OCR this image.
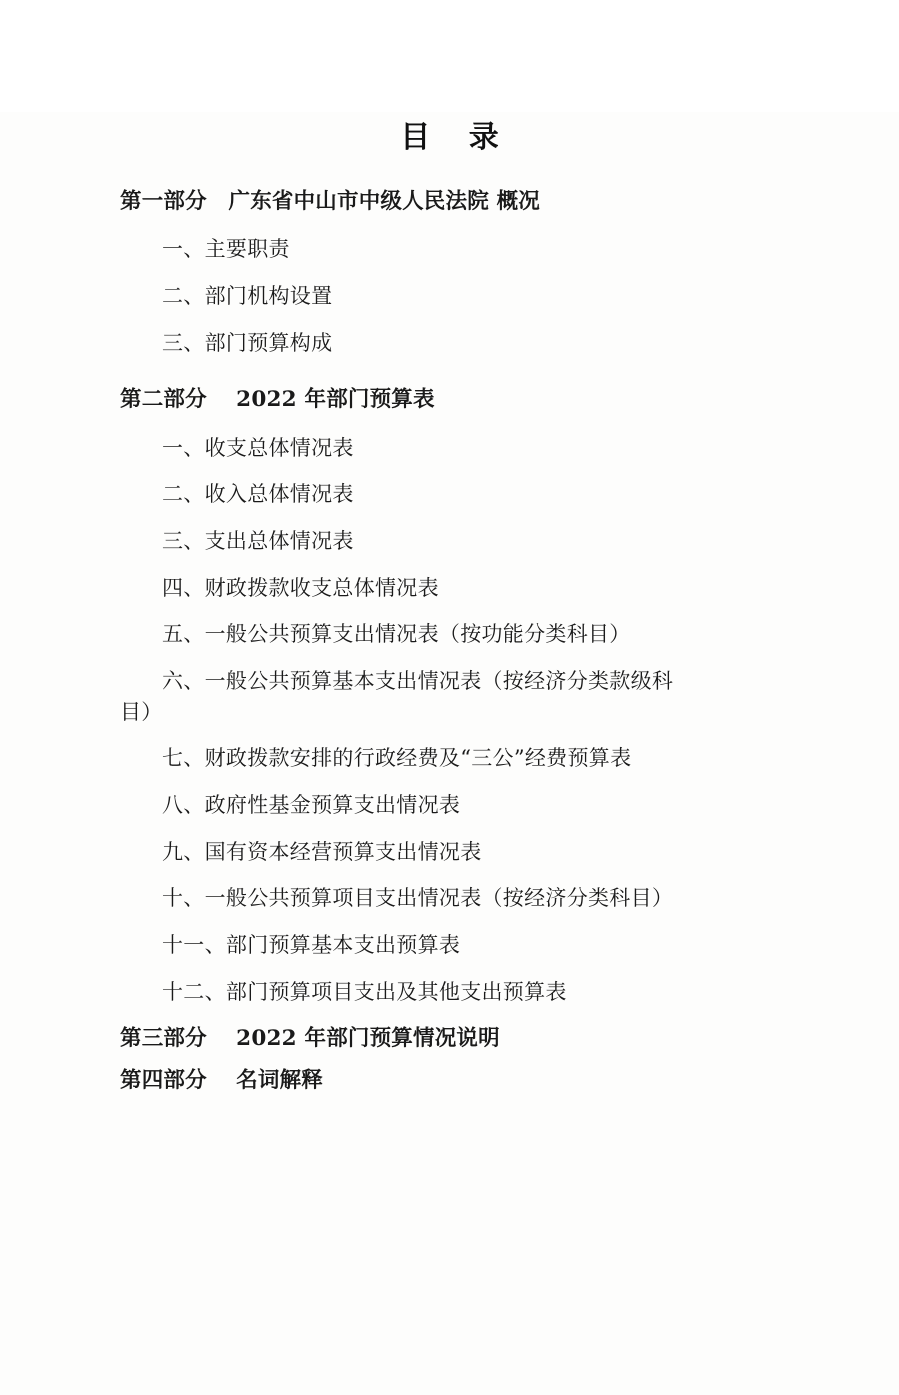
目 录

第一部分　广东省中山市中级人民法院 概况

一、主要职责

二、部门机构设置

三、部门预算构成

第二部分　 2022 年部门预算表

一、收支总体情况表

二、收入总体情况表

三、支出总体情况表

四、财政拨款收支总体情况表

五、一般公共预算支出情况表（按功能分类科目）

六、一般公共预算基本支出情况表（按经济分类款级科
目）

七、财政拨款安排的行政经费及“三公”经费预算表

八、政府性基金预算支出情况表

九、国有资本经营预算支出情况表

十、一般公共预算项目支出情况表（按经济分类科目）

十一、部门预算基本支出预算表

十二、部门预算项目支出及其他支出预算表

第三部分　 2022 年部门预算情况说明

第四部分　 名词解释
